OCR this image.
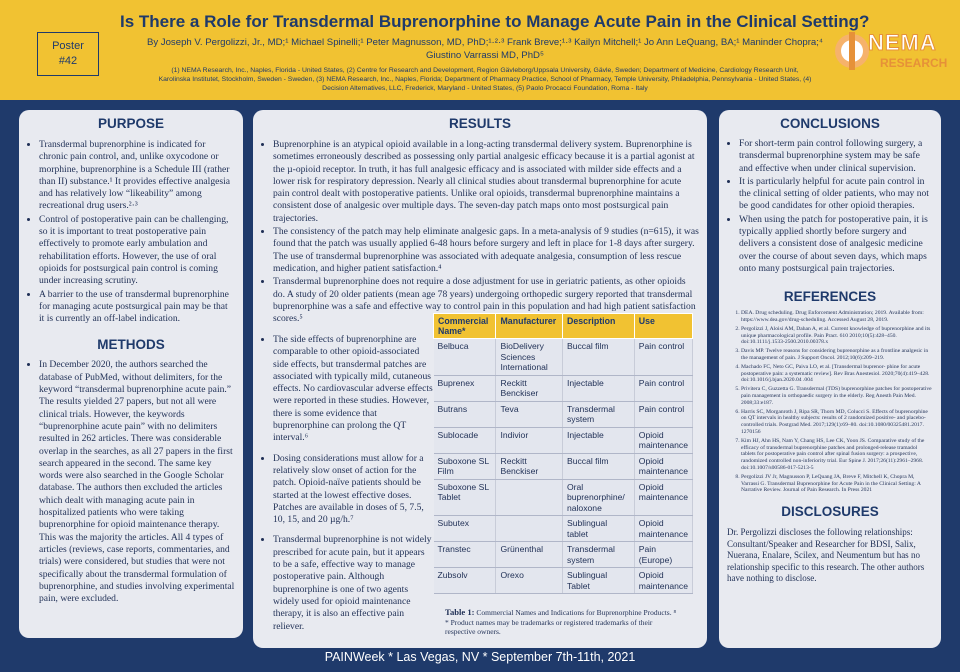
Poster
#42
Is There a Role for Transdermal Buprenorphine to Manage Acute Pain in the Clinical Setting?
By Joseph V. Pergolizzi, Jr., MD;¹ Michael Spinelli;¹ Peter Magnusson, MD, PhD;¹·²·³ Frank Breve;¹·³ Kailyn Mitchell;¹ Jo Ann LeQuang, BA;¹ Maninder Chopra;⁴
Giustino Varrassi MD, PhD⁵
(1) NEMA Research, Inc., Naples, Florida - United States, (2) Centre for Research and Development, Region Gävleborg/Uppsala University, Gävle, Sweden; Department of Medicine, Cardiology Research Unit,
Karolinska Institutet, Stockholm, Sweden - Sweden, (3) NEMA Research, Inc., Naples, Florida; Department of Pharmacy Practice, School of Pharmacy, Temple University, Philadelphia, Pennsylvania - United States, (4)
Decision Alternatives, LLC, Frederick, Maryland - United States, (5) Paolo Procacci Foundation, Roma - Italy
NEMA
RESEARCH
PURPOSE
• Transdermal buprenorphine is indicated for chronic pain control, and, unlike oxycodone or morphine, buprenorphine is a Schedule III (rather than II) substance.¹ It provides effective analgesia and has relatively low “likeability” among recreational drug users.²·³
• Control of postoperative pain can be challenging, so it is important to treat postoperative pain effectively to promote early ambulation and rehabilitation efforts. However, the use of oral opioids for postsurgical pain control is coming under increasing scrutiny.
• A barrier to the use of transdermal buprenorphine for managing acute postsurgical pain may be that it is currently an off-label indication.
METHODS
• In December 2020, the authors searched the database of PubMed, without delimiters, for the keyword “transdermal buprenorphine acute pain.” The results yielded 27 papers, but not all were clinical trials. However, the keywords “buprenorphine acute pain” with no delimiters resulted in 262 articles. There was considerable overlap in the searches, as all 27 papers in the first search appeared in the second. The same key words were also searched in the Google Scholar database. The authors then excluded the articles which dealt with managing acute pain in hospitalized patients who were taking buprenorphine for opioid maintenance therapy. This was the majority the articles. All 4 types of articles (reviews, case reports, commentaries, and trials) were considered, but studies that were not specifically about the transdermal formulation of buprenorphine, and studies involving experimental pain, were excluded.
RESULTS
• Buprenorphine is an atypical opioid available in a long-acting transdermal delivery system. Buprenorphine is sometimes erroneously described as possessing only partial analgesic efficacy because it is a partial agonist at the µ-opioid receptor. In truth, it has full analgesic efficacy and is associated with milder side effects and a lower risk for respiratory depression. Nearly all clinical studies about transdermal buprenorphine for acute pain control dealt with postoperative patients. Unlike oral opioids, transdermal buprenorphine maintains a consistent dose of analgesic over multiple days. The seven-day patch maps onto most postsurgical pain trajectories.
• The consistency of the patch may help eliminate analgesic gaps. In a meta-analysis of 9 studies (n=615), it was found that the patch was usually applied 6-48 hours before surgery and left in place for 1-8 days after surgery. The use of transdermal buprenorphine was associated with adequate analgesia, consumption of less rescue medication, and higher patient satisfaction.⁴
• Transdermal buprenorphine does not require a dose adjustment for use in geriatric patients, as other opioids do. A study of 20 older patients (mean age 78 years) undergoing orthopedic surgery reported that transdermal buprenorphine was a safe and effective way to control pain in this population and had high patient satisfaction scores.⁵
• The side effects of buprenorphine are comparable to other opioid-associated side effects, but transdermal patches are associated with typically mild, cutaneous effects. No cardiovascular adverse effects were reported in these studies. However, there is some evidence that buprenorphine can prolong the QT interval.⁶
• Dosing considerations must allow for a relatively slow onset of action for the patch. Opioid-naïve patients should be started at the lowest effective doses. Patches are available in doses of 5, 7.5, 10, 15, and 20 µg/h.⁷
• Transdermal buprenorphine is not widely prescribed for acute pain, but it appears to be a safe, effective way to manage postoperative pain. Although buprenorphine is one of two agents widely used for opioid maintenance therapy, it is also an effective pain reliever.
Commercial Name*	Manufacturer	Description	Use
Belbuca	BioDelivery Sciences International	Buccal film	Pain control
Buprenex	Reckitt Benckiser	Injectable	Pain control
Butrans	Teva	Transdermal system	Pain control
Sublocade	Indivior	Injectable	Opioid maintenance
Suboxone SL Film	Reckitt Benckiser	Buccal film	Opioid maintenance
Suboxone SL Tablet		Oral buprenorphine/ naloxone	Opioid maintenance
Subutex		Sublingual tablet	Opioid maintenance
Transtec	Grünenthal	Transdermal system	Pain (Europe)
Zubsolv	Orexo	Sublingual Tablet	Opioid maintenance
Table 1: Commercial Names and Indications for Buprenorphine Products. ⁸ * Product names may be trademarks or registered trademarks of their respective owners.
CONCLUSIONS
• For short-term pain control following surgery, a transdermal buprenorphine system may be safe and effective when under clinical supervision.
• It is particularly helpful for acute pain control in the clinical setting of older patients, who may not be good candidates for other opioid therapies.
• When using the patch for postoperative pain, it is typically applied shortly before surgery and delivers a consistent dose of analgesic medicine over the course of about seven days, which maps onto many postsurgical pain trajectories.
REFERENCES
1. DEA. Drug scheduling. Drug Enforcement Administration; 2019. Available from: https://www.dea.gov/drug-scheduling. Accessed August 28, 2019.
2. Pergolizzi J, Aloisi AM, Dahan A, et al. Current knowledge of buprenorphine and its unique pharmacological profile. Pain Pract. 610 2010;10(5):428–450. doi:10.1111/j.1533-2500.2010.00378.x
3. Davis MP. Twelve reasons for considering buprenorphine as a frontline analgesic in the management of pain. J Support Oncol. 2012;10(6):209–219.
4. Machado FC, Neto GC, Paiva LO, et al. [Transdermal buprenor- phine for acute postoperative pain: a systematic review]. Rev Bras Anestesiol. 2020;70(4):419–428. doi:10.1016/j.bjan.2020.04 .004
5. Privitera C, Guzzetta G. Transdermal (TDS) buprenorphine patches for postoperative pain management in orthopaedic surgery in the elderly. Reg Anesth Pain Med. 2008;33:e187.
6. Harris SC, Morganroth J, Ripa SR, Thorn MD, Colucci S. Effects of buprenorphine on QT intervals in healthy subjects: results of 2 randomized positive- and placebo-controlled trials. Postgrad Med. 2017;129(1):69–80. doi:10.1080/00325481.2017. 1270156
7. Kim HJ, Ahn HS, Nam Y, Chang HS, Lee CK, Yoon JS. Comparative study of the efficacy of transdermal buprenorphine patches and prolonged-release tramadol tablets for postoperative pain control after spinal fusion surgery: a prospective, randomized controlled non-inferiority trial. Eur Spine J. 2017;26(11):2961–2968. doi:10.1007/s00586-017-5213-5
8. Pergolizzi JV Jr, Magnusson P, LeQuang JA, Breve F, Mitchell K, Chopra M, Varrassi G. Transdermal Buprenorphine for Acute Pain in the Clinical Setting: A Narrative Review. Journal of Pain Research. In Press 2021
DISCLOSURES

Dr. Pergolizzi discloses the following relationships: Consultant/Speaker and Researcher for BDSI, Salix, Nuerana, Enalare, Scilex, and Neumentum but has no relationship specific to this research. The other authors have nothing to disclose.

PAINWeek * Las Vegas, NV * September 7th-11th, 2021
